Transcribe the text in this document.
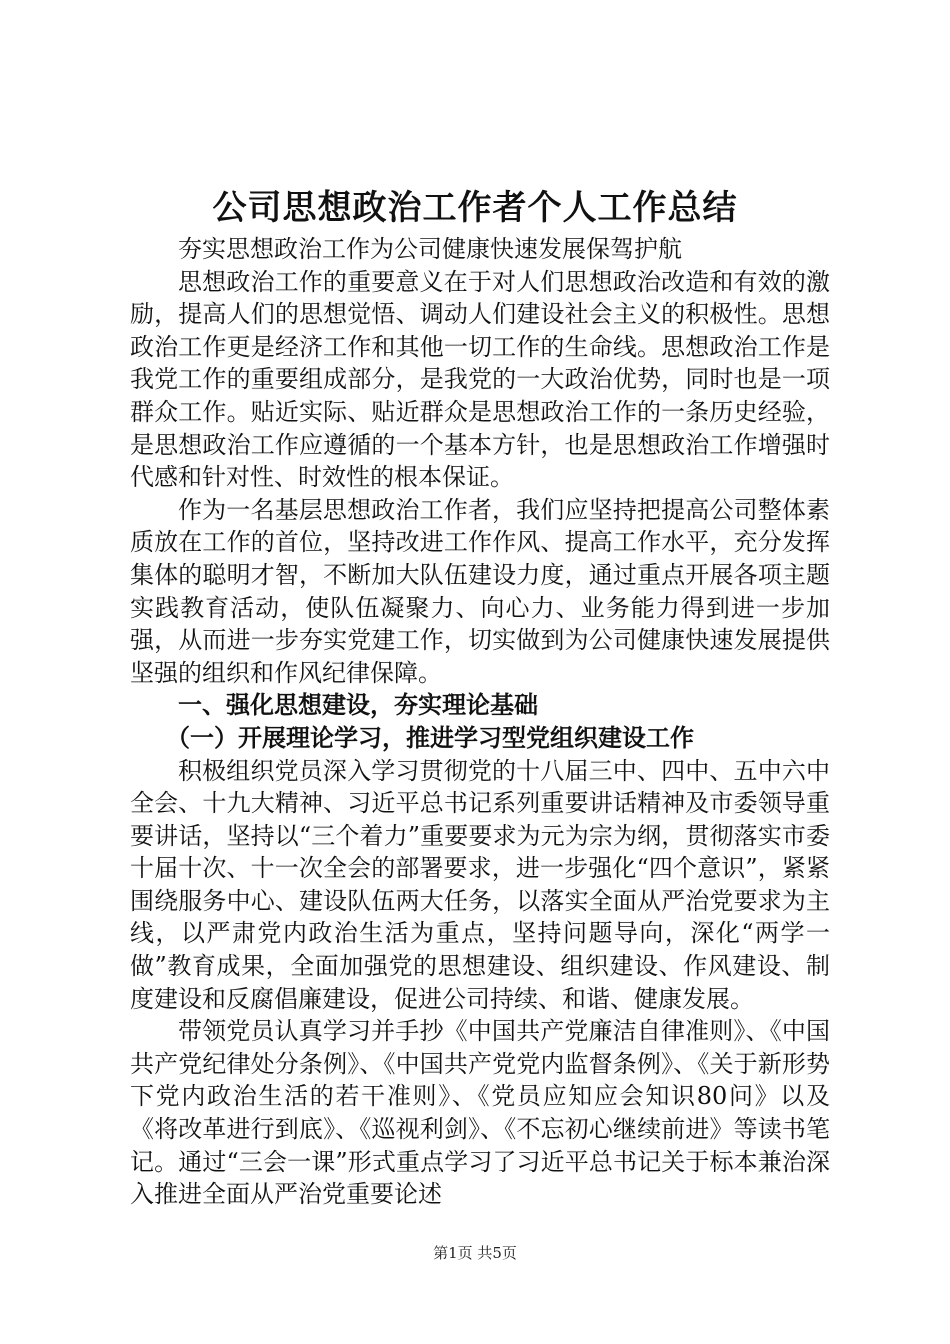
公司思想政治工作者个人工作总结

夯实思想政治工作为公司健康快速发展保驾护航

思想政治工作的重要意义在于对人们思想政治改造和有效的激励，提高人们的思想觉悟、调动人们建设社会主义的积极性。思想政治工作更是经济工作和其他一切工作的生命线。思想政治工作是我党工作的重要组成部分，是我党的一大政治优势，同时也是一项群众工作。贴近实际、贴近群众是思想政治工作的一条历史经验，是思想政治工作应遵循的一个基本方针，也是思想政治工作增强时代感和针对性、时效性的根本保证。

作为一名基层思想政治工作者，我们应坚持把提高公司整体素质放在工作的首位，坚持改进工作作风、提高工作水平，充分发挥集体的聪明才智，不断加大队伍建设力度，通过重点开展各项主题实践教育活动，使队伍凝聚力、向心力、业务能力得到进一步加强，从而进一步夯实党建工作，切实做到为公司健康快速发展提供坚强的组织和作风纪律保障。

一、强化思想建设，夯实理论基础

（一）开展理论学习，推进学习型党组织建设工作

积极组织党员深入学习贯彻党的十八届三中、四中、五中六中全会、十九大精神、习近平总书记系列重要讲话精神及市委领导重要讲话，坚持以“三个着力”重要要求为元为宗为纲，贯彻落实市委十届十次、十一次全会的部署要求，进一步强化“四个意识”，紧紧围绕服务中心、建设队伍两大任务，以落实全面从严治党要求为主线，以严肃党内政治生活为重点，坚持问题导向，深化“两学一做”教育成果，全面加强党的思想建设、组织建设、作风建设、制度建设和反腐倡廉建设，促进公司持续、和谐、健康发展。

带领党员认真学习并手抄《中国共产党廉洁自律准则》、《中国共产党纪律处分条例》、《中国共产党党内监督条例》、《关于新形势下党内政治生活的若干准则》、《党员应知应会知识80问》以及《将改革进行到底》、《巡视利剑》、《不忘初心继续前进》等读书笔记。通过“三会一课”形式重点学习了习近平总书记关于标本兼治深入推进全面从严治党重要论述

第1页 共5页
